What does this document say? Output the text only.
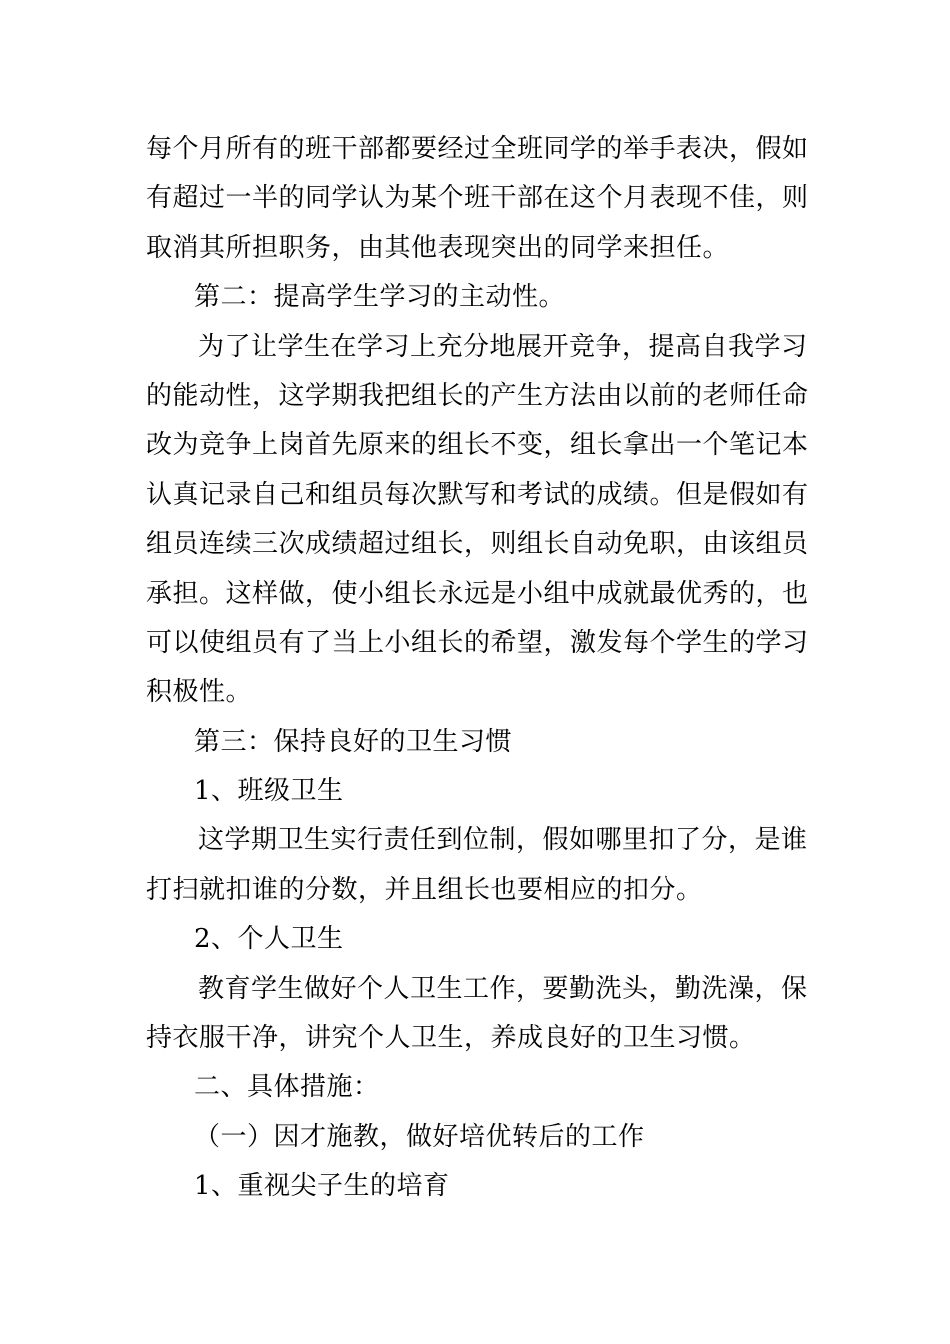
每个月所有的班干部都要经过全班同学的举手表决，假如
有超过一半的同学认为某个班干部在这个月表现不佳，则
取消其所担职务，由其他表现突出的同学来担任。
第二：提高学生学习的主动性。
为了让学生在学习上充分地展开竞争，提高自我学习
的能动性，这学期我把组长的产生方法由以前的老师任命
改为竞争上岗首先原来的组长不变，组长拿出一个笔记本
认真记录自己和组员每次默写和考试的成绩。但是假如有
组员连续三次成绩超过组长，则组长自动免职，由该组员
承担。这样做，使小组长永远是小组中成就最优秀的，也
可以使组员有了当上小组长的希望，激发每个学生的学习
积极性。
第三：保持良好的卫生习惯
1、班级卫生
这学期卫生实行责任到位制，假如哪里扣了分，是谁
打扫就扣谁的分数，并且组长也要相应的扣分。
2、个人卫生
教育学生做好个人卫生工作，要勤洗头，勤洗澡，保
持衣服干净，讲究个人卫生，养成良好的卫生习惯。
二、具体措施：
（一）因才施教，做好培优转后的工作
1、重视尖子生的培育
